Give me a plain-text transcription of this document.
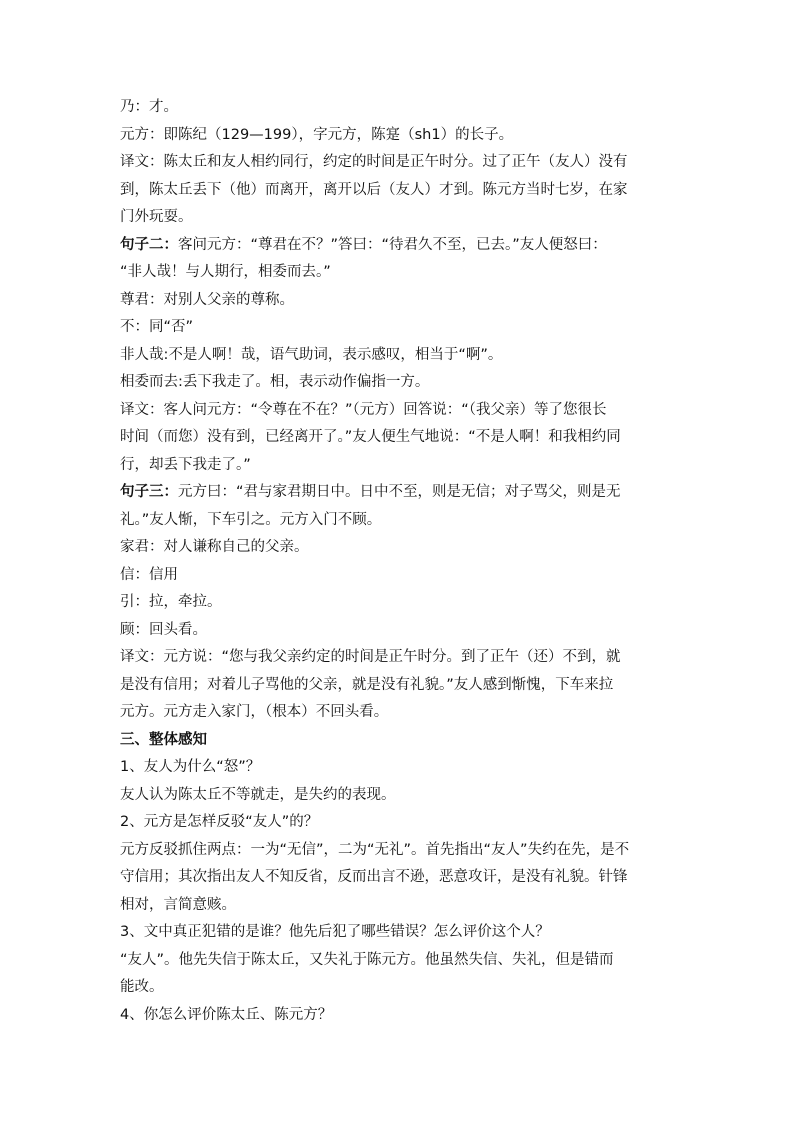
乃：才。
元方：即陈纪（129—199），字元方，陈寔（sh1）的长子。
译文：陈太丘和友人相约同行，约定的时间是正午时分。过了正午（友人）没有
到，陈太丘丢下（他）而离开，离开以后（友人）才到。陈元方当时七岁，在家
门外玩耍。
句子二：客问元方：“尊君在不？”答曰：“待君久不至，已去。”友人便怒曰：
“非人哉！与人期行，相委而去。”
尊君：对别人父亲的尊称。
不：同“否”
非人哉:不是人啊！哉，语气助词，表示感叹，相当于“啊”。
相委而去:丢下我走了。相，表示动作偏指一方。
译文：客人问元方：“令尊在不在？”（元方）回答说：“（我父亲）等了您很长
时间（而您）没有到，已经离开了。”友人便生气地说：“不是人啊！和我相约同
行，却丢下我走了。”
句子三：元方曰：“君与家君期日中。日中不至，则是无信；对子骂父，则是无
礼。”友人惭，下车引之。元方入门不顾。
家君：对人谦称自己的父亲。
信：信用
引：拉，牵拉。
顾：回头看。
译文：元方说：“您与我父亲约定的时间是正午时分。到了正午（还）不到，就
是没有信用；对着儿子骂他的父亲，就是没有礼貌。”友人感到惭愧，下车来拉
元方。元方走入家门，（根本）不回头看。
三、整体感知
1、友人为什么“怒”？
友人认为陈太丘不等就走，是失约的表现。
2、元方是怎样反驳“友人”的？
元方反驳抓住两点：一为“无信”，二为“无礼”。首先指出“友人”失约在先，是不
守信用；其次指出友人不知反省，反而出言不逊，恶意攻讦，是没有礼貌。针锋
相对，言简意赅。
3、文中真正犯错的是谁？他先后犯了哪些错误？怎么评价这个人？
“友人”。他先失信于陈太丘，又失礼于陈元方。他虽然失信、失礼，但是错而
能改。
4、你怎么评价陈太丘、陈元方？
